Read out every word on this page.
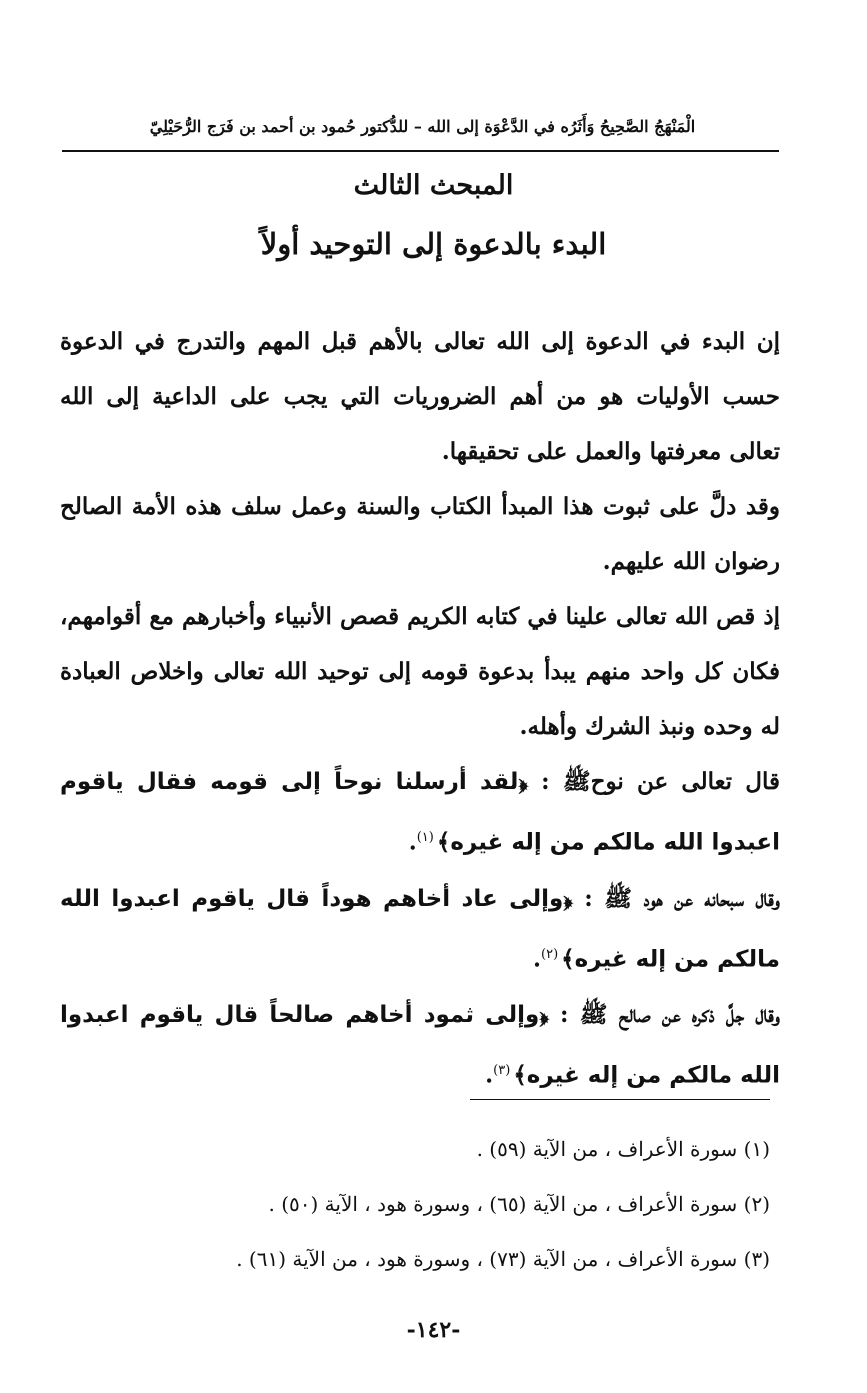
الْمَنْهَجُ الصَّحِيحُ وَأَثَرُه في الدَّعْوَة إلى الله – للدُّكتور حُمود بن أحمد بن فَرَج الرُّحَيْلِيّ
المبحث الثالث
البدء بالدعوة إلى التوحيد أولاً

إن البدء في الدعوة إلى الله تعالى بالأهم قبل المهم والتدرج في الدعوة حسب الأوليات هو من أهم الضروريات التي يجب على الداعية إلى الله تعالى معرفتها والعمل على تحقيقها.

وقد دلَّ على ثبوت هذا المبدأ الكتاب والسنة وعمل سلف هذه الأمة الصالح رضوان الله عليهم.

إذ قص الله تعالى علينا في كتابه الكريم قصص الأنبياء وأخبارهم مع أقوامهم، فكان كل واحد منهم يبدأ بدعوة قومه إلى توحيد الله تعالى واخلاص العبادة له وحده ونبذ الشرك وأهله.

قال تعالى عن نوحﷺ : ﴿لقد أرسلنا نوحاً إلى قومه فقال ياقوم اعبدوا الله مالكم من إله غيره﴾$^{(١)}$.

وقال سبحانه عن هود ﷺ : ﴿وإلى عاد أخاهم هوداً قال ياقوم اعبدوا الله مالكم من إله غيره﴾$^{(٢)}$.

وقال جلَّ ذكره عن صالح ﷺ : ﴿وإلى ثمود أخاهم صالحاً قال ياقوم اعبدوا الله مالكم من إله غيره﴾$^{(٣)}$.

(١) سورة الأعراف ، من الآية (٥٩) .

(٢) سورة الأعراف ، من الآية (٦٥) ، وسورة هود ، الآية (٥٠) .

(٣) سورة الأعراف ، من الآية (٧٣) ، وسورة هود ، من الآية (٦١) .

-١٤٢-
